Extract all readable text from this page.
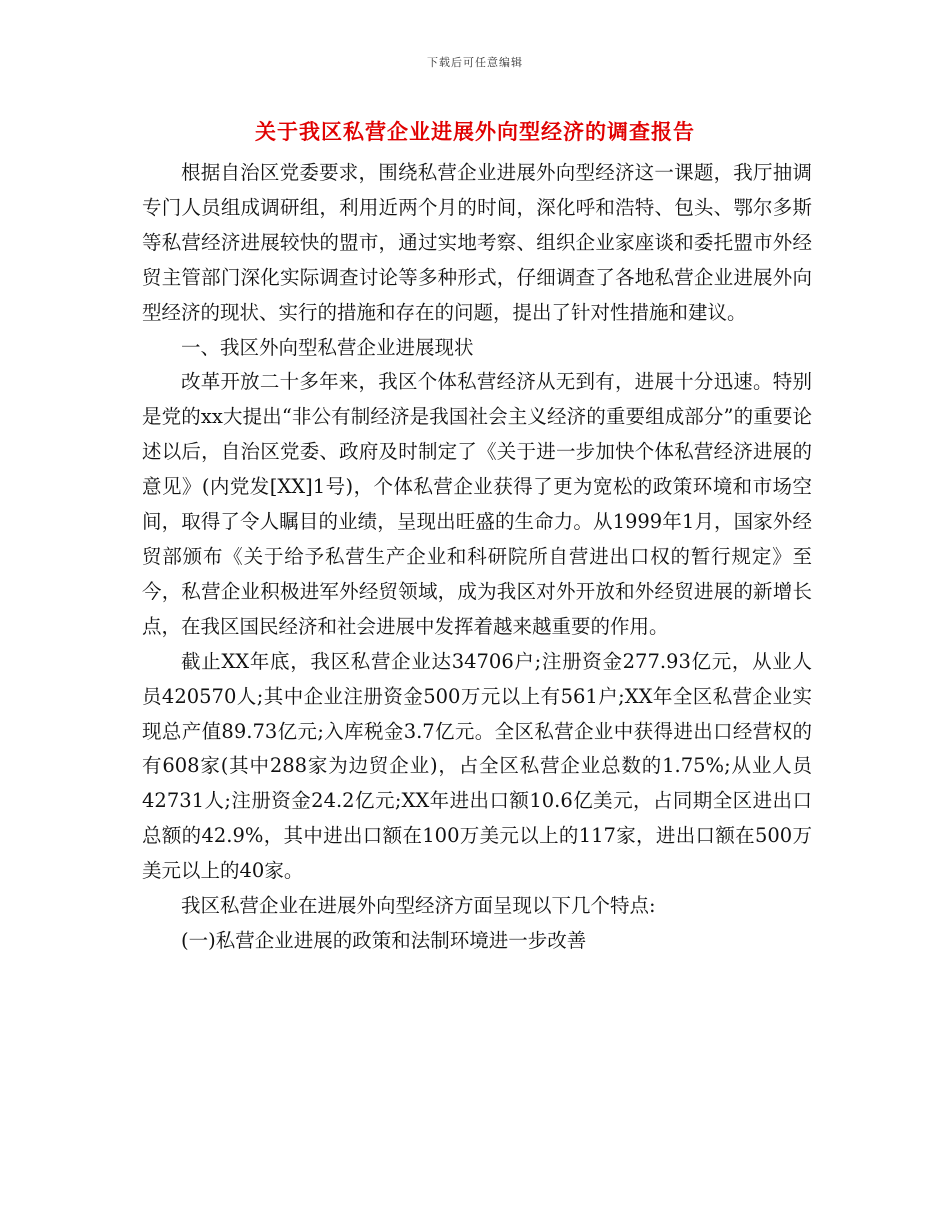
下载后可任意编辑
关于我区私营企业进展外向型经济的调查报告

根据自治区党委要求，围绕私营企业进展外向型经济这一课题，我厅抽调专门人员组成调研组，利用近两个月的时间，深化呼和浩特、包头、鄂尔多斯等私营经济进展较快的盟市，通过实地考察、组织企业家座谈和委托盟市外经贸主管部门深化实际调查讨论等多种形式，仔细调查了各地私营企业进展外向型经济的现状、实行的措施和存在的问题，提出了针对性措施和建议。

一、我区外向型私营企业进展现状

改革开放二十多年来，我区个体私营经济从无到有，进展十分迅速。特别是党的xx大提出“非公有制经济是我国社会主义经济的重要组成部分”的重要论述以后，自治区党委、政府及时制定了《关于进一步加快个体私营经济进展的意见》(内党发[XX]1号)，个体私营企业获得了更为宽松的政策环境和市场空间，取得了令人瞩目的业绩，呈现出旺盛的生命力。从1999年1月，国家外经贸部颁布《关于给予私营生产企业和科研院所自营进出口权的暂行规定》至今，私营企业积极进军外经贸领域，成为我区对外开放和外经贸进展的新增长点，在我区国民经济和社会进展中发挥着越来越重要的作用。

截止XX年底，我区私营企业达34706户;注册资金277.93亿元，从业人员420570人;其中企业注册资金500万元以上有561户;XX年全区私营企业实现总产值89.73亿元;入库税金3.7亿元。全区私营企业中获得进出口经营权的有608家(其中288家为边贸企业)，占全区私营企业总数的1.75%;从业人员42731人;注册资金24.2亿元;XX年进出口额10.6亿美元，占同期全区进出口总额的42.9%，其中进出口额在100万美元以上的117家，进出口额在500万美元以上的40家。

我区私营企业在进展外向型经济方面呈现以下几个特点:

(一)私营企业进展的政策和法制环境进一步改善
